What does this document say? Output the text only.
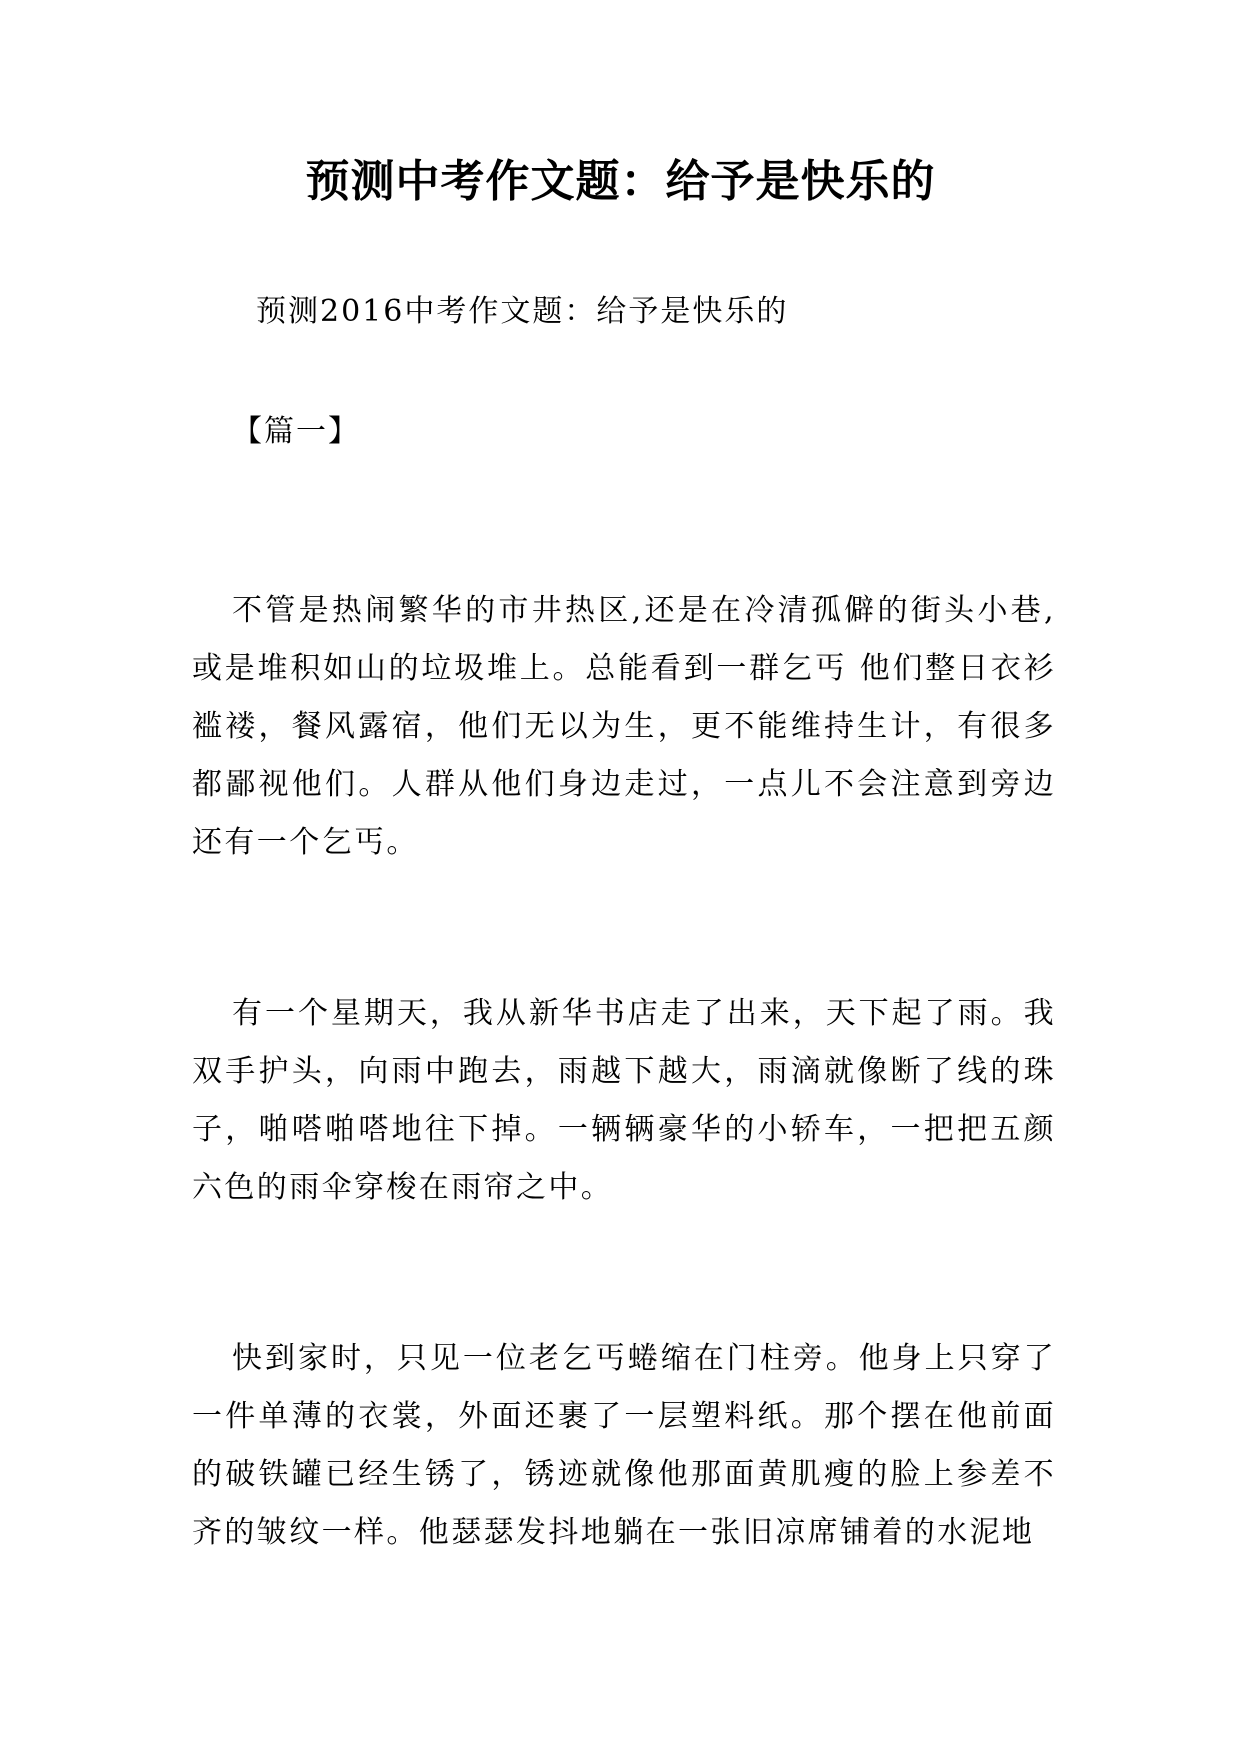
预测中考作文题：给予是快乐的
预测2016中考作文题：给予是快乐的
【篇一】

不管是热闹繁华的市井热区,还是在冷清孤僻的街头小巷,或是堆积如山的垃圾堆上。总能看到一群乞丐 他们整日衣衫褴褛，餐风露宿，他们无以为生，更不能维持生计，有很多都鄙视他们。人群从他们身边走过，一点儿不会注意到旁边还有一个乞丐。

有一个星期天，我从新华书店走了出来，天下起了雨。我双手护头，向雨中跑去，雨越下越大，雨滴就像断了线的珠子，啪嗒啪嗒地往下掉。一辆辆豪华的小轿车，一把把五颜六色的雨伞穿梭在雨帘之中。

快到家时，只见一位老乞丐蜷缩在门柱旁。他身上只穿了一件单薄的衣裳，外面还裹了一层塑料纸。那个摆在他前面的破铁罐已经生锈了，锈迹就像他那面黄肌瘦的脸上参差不齐的皱纹一样。他瑟瑟发抖地躺在一张旧凉席铺着的水泥地
